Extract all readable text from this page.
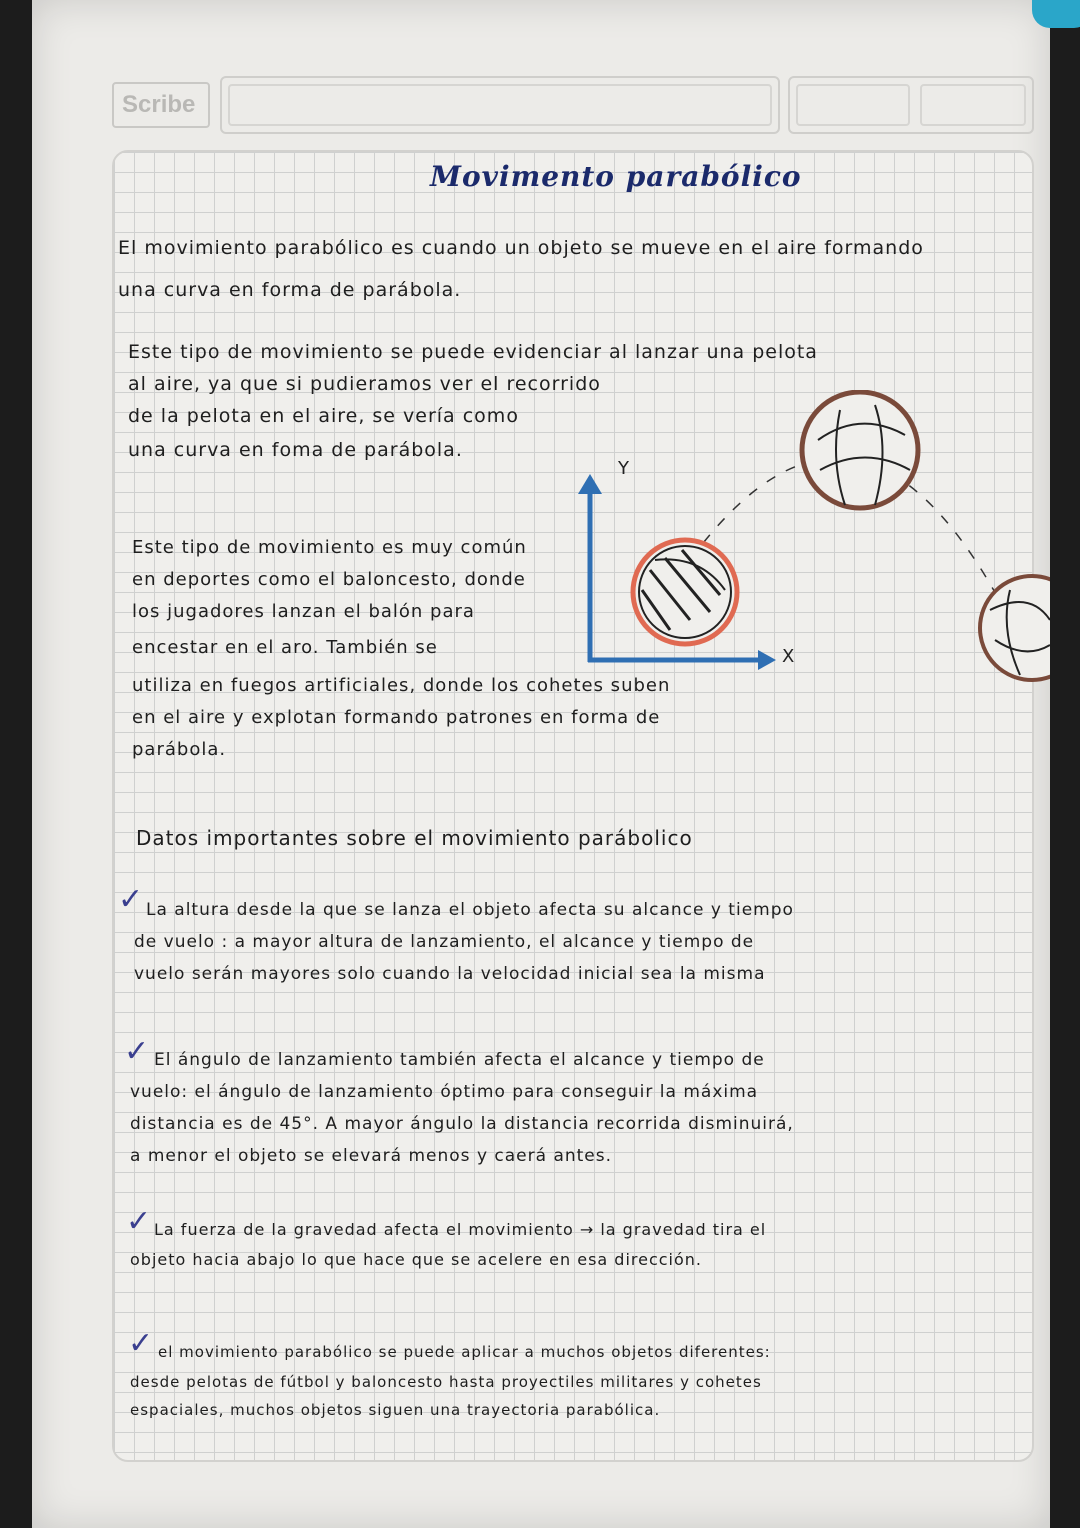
Scribe
Movimento parabólico

El movimiento parabólico es cuando un objeto se mueve en el aire formando

una curva en forma de parábola.

Este tipo de movimiento se puede evidenciar al lanzar una pelota

al aire, ya que si pudieramos ver el recorrido

de la pelota en el aire, se vería como

una curva en foma de parábola.

Este tipo de movimiento es muy común

en deportes como el baloncesto, donde

los jugadores lanzan el balón para

encestar en el aro. También se

utiliza en fuegos artificiales, donde los cohetes suben

en el aire y explotan formando patrones en forma de

parábola.

Y
X

Datos importantes sobre el movimiento parábolico

✓ La altura desde la que se lanza el objeto afecta su alcance y tiempo

de vuelo : a mayor altura de lanzamiento, el alcance y tiempo de

vuelo serán mayores solo cuando la velocidad inicial sea la misma

✓ El ángulo de lanzamiento también afecta el alcance y tiempo de

vuelo: el ángulo de lanzamiento óptimo para conseguir la máxima

distancia es de 45°. A mayor ángulo la distancia recorrida disminuirá,

a menor el objeto se elevará menos y caerá antes.

✓ La fuerza de la gravedad afecta el movimiento → la gravedad tira el

objeto hacia abajo lo que hace que se acelere en esa dirección.

✓ el movimiento parabólico se puede aplicar a muchos objetos diferentes:

desde pelotas de fútbol y baloncesto hasta proyectiles militares y cohetes

espaciales, muchos objetos siguen una trayectoria parabólica.
